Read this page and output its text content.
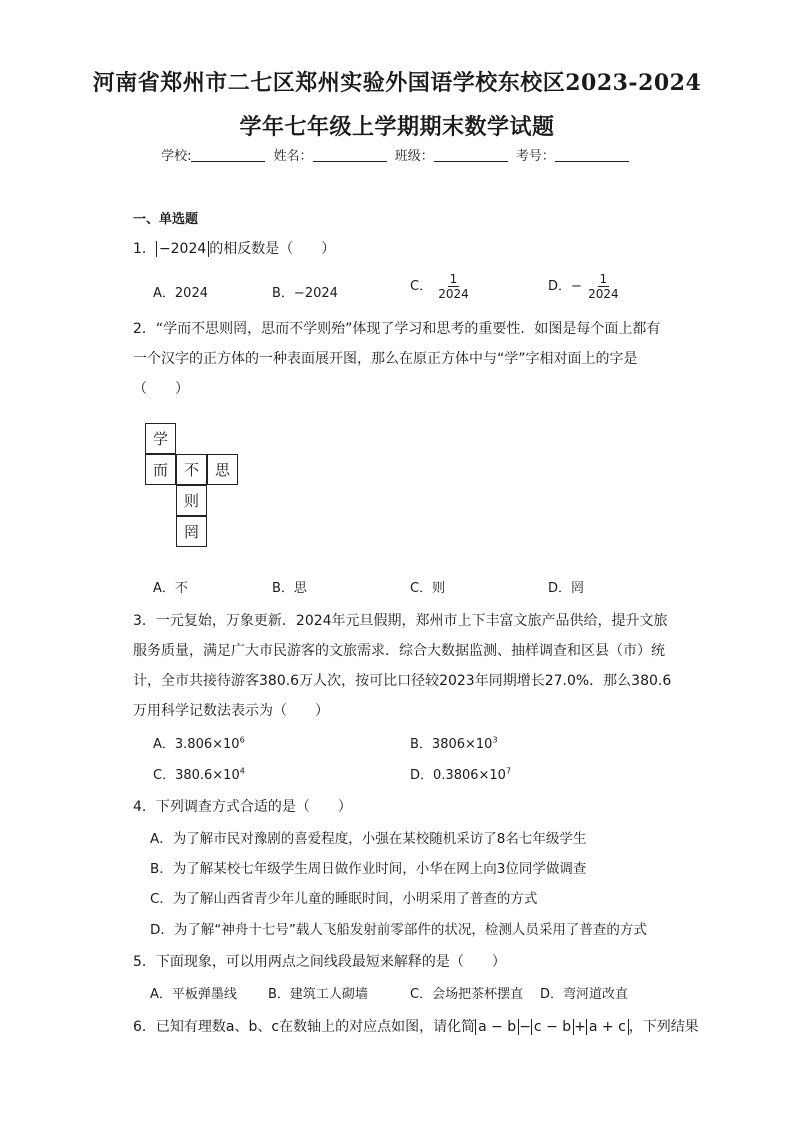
河南省郑州市二七区郑州实验外国语学校东校区2023-2024
学年七年级上学期期末数学试题
学校:	姓名：	班级：	考号：
一、单选题
1． −2024 的相反数是（　　）
A．2024	B．−2024	C． $\frac{1}{2024}$	D．− $\frac{1}{2024}$
2．“学而不思则罔，思而不学则殆”体现了学习和思考的重要性．如图是每个面上都有
一个汉字的正方体的一种表面展开图，那么在原正方体中与“学”字相对面上的字是
（　　）
学
而	不	思
则
罔
A．不	B．思	C．则	D．罔
3．一元复始，万象更新．2024年元旦假期，郑州市上下丰富文旅产品供给，提升文旅
服务质量，满足广大市民游客的文旅需求．综合大数据监测、抽样调查和区县（市）统
计，全市共接待游客380.6万人次，按可比口径较2023年同期增长27.0%．那么380.6
万用科学记数法表示为（　　）
A．$3.806\times 10^6$	B．$3806\times 10^3$
C．$380.6\times 10^4$	D．$0.3806\times 10^7$
4．下列调查方式合适的是（　　）
A．为了解市民对豫剧的喜爱程度，小强在某校随机采访了8名七年级学生
B．为了解某校七年级学生周日做作业时间，小华在网上向3位同学做调查
C．为了解山西省青少年儿童的睡眠时间，小明采用了普查的方式
D．为了解“神舟十七号”载人飞船发射前零部件的状况，检测人员采用了普查的方式
5．下面现象，可以用两点之间线段最短来解释的是（　　）
A．平板弹墨线 B．建筑工人砌墙	C．会场把茶杯摆直 D．弯河道改直
6．已知有理数a、b、c在数轴上的对应点如图，请化简 a − b − c − b + a + c ，下列结果
